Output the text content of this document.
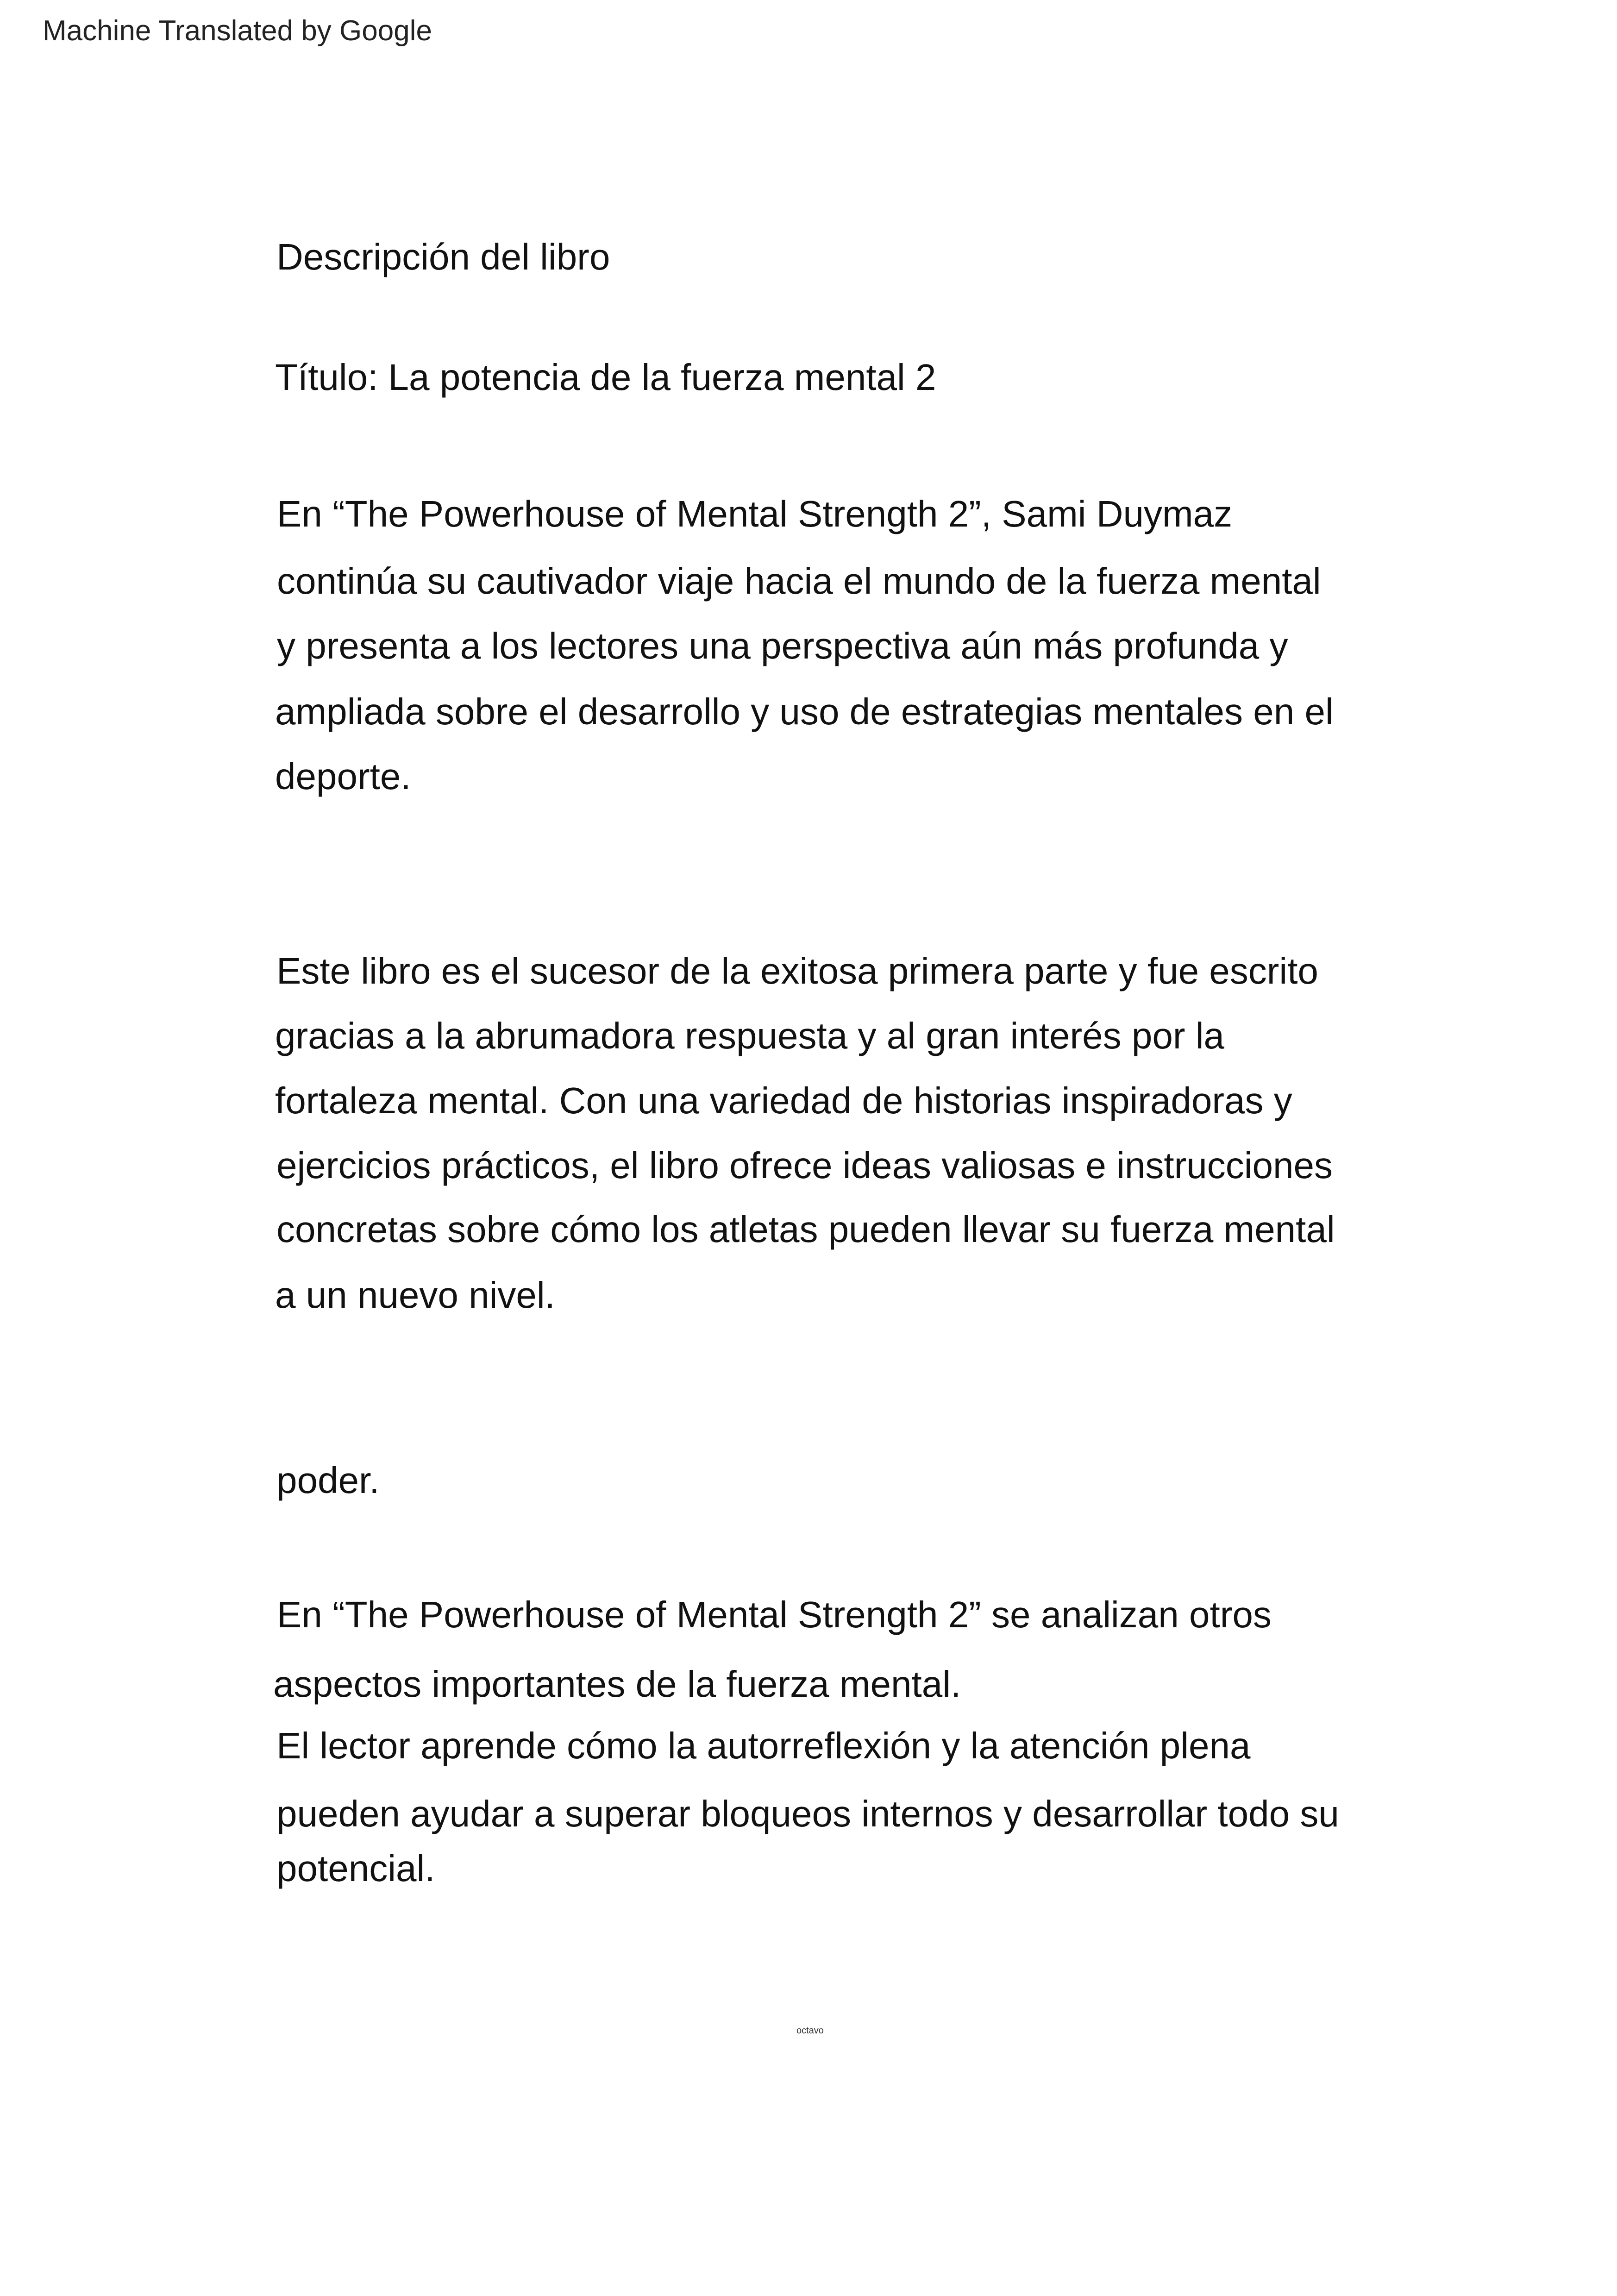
Machine Translated by Google
Descripción del libro
Título: La potencia de la fuerza mental 2
En “The Powerhouse of Mental Strength 2”, Sami Duymaz
continúa su cautivador viaje hacia el mundo de la fuerza mental
y presenta a los lectores una perspectiva aún más profunda y
ampliada sobre el desarrollo y uso de estrategias mentales en el
deporte.
Este libro es el sucesor de la exitosa primera parte y fue escrito
gracias a la abrumadora respuesta y al gran interés por la
fortaleza mental. Con una variedad de historias inspiradoras y
ejercicios prácticos, el libro ofrece ideas valiosas e instrucciones
concretas sobre cómo los atletas pueden llevar su fuerza mental
a un nuevo nivel.
poder.
En “The Powerhouse of Mental Strength 2” se analizan otros
aspectos importantes de la fuerza mental.
El lector aprende cómo la autorreflexión y la atención plena
pueden ayudar a superar bloqueos internos y desarrollar todo su
potencial.
octavo
